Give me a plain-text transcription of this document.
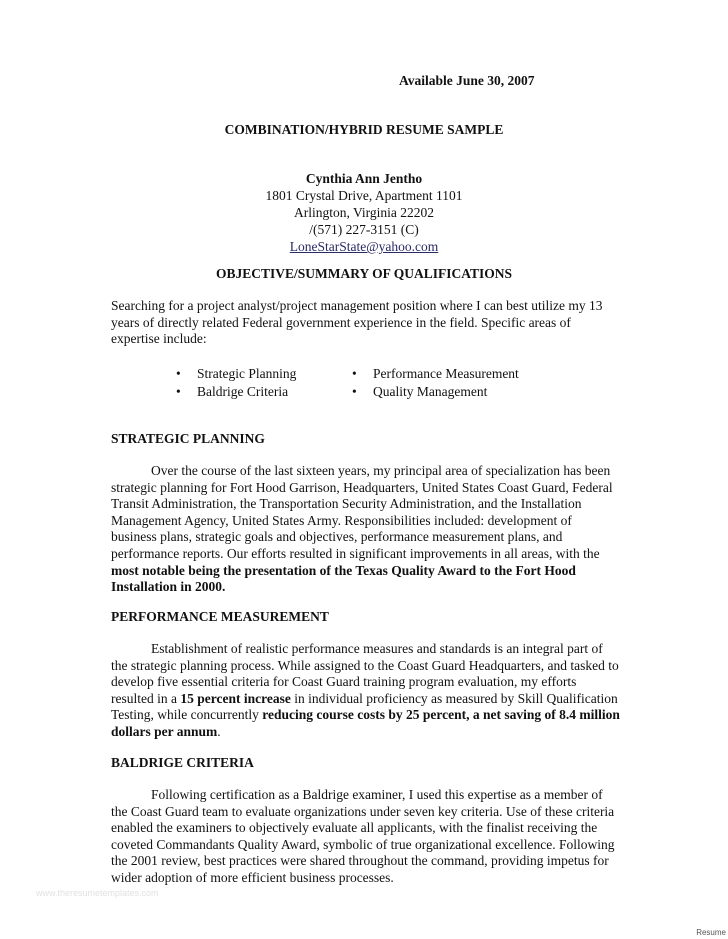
Available June 30, 2007
COMBINATION/HYBRID RESUME SAMPLE
Cynthia Ann Jentho
1801 Crystal Drive, Apartment 1101
Arlington, Virginia 22202
/(571) 227-3151 (C)
LoneStarState@yahoo.com
OBJECTIVE/SUMMARY OF QUALIFICATIONS
Searching for a project analyst/project management position where I can best utilize my 13 years of directly related Federal government experience in the field. Specific areas of expertise include:
• Strategic Planning
• Baldrige Criteria
• Performance Measurement
• Quality Management
STRATEGIC PLANNING
Over the course of the last sixteen years, my principal area of specialization has been strategic planning for Fort Hood Garrison, Headquarters, United States Coast Guard, Federal Transit Administration, the Transportation Security Administration, and the Installation Management Agency, United States Army. Responsibilities included: development of business plans, strategic goals and objectives, performance measurement plans, and performance reports. Our efforts resulted in significant improvements in all areas, with the most notable being the presentation of the Texas Quality Award to the Fort Hood Installation in 2000.
PERFORMANCE MEASUREMENT
Establishment of realistic performance measures and standards is an integral part of the strategic planning process. While assigned to the Coast Guard Headquarters, and tasked to develop five essential criteria for Coast Guard training program evaluation, my efforts resulted in a 15 percent increase in individual proficiency as measured by Skill Qualification Testing, while concurrently reducing course costs by 25 percent, a net saving of 8.4 million dollars per annum.
BALDRIGE CRITERIA
Following certification as a Baldrige examiner, I used this expertise as a member of the Coast Guard team to evaluate organizations under seven key criteria. Use of these criteria enabled the examiners to objectively evaluate all applicants, with the finalist receiving the coveted Commandants Quality Award, symbolic of true organizational excellence. Following the 2001 review, best practices were shared throughout the command, providing impetus for wider adoption of more efficient business processes.
www.theresumetemplates.com
Resume
